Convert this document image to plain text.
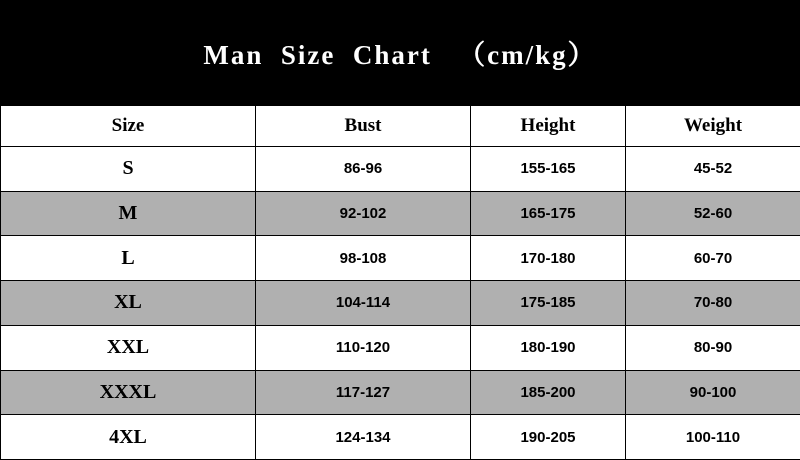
Man  Size  Chart   （cm/kg）
Size	Bust	Height	Weight
S	86-96	155-165	45-52
M	92-102	165-175	52-60
L	98-108	170-180	60-70
XL	104-114	175-185	70-80
XXL	110-120	180-190	80-90
XXXL	117-127	185-200	90-100
4XL	124-134	190-205	100-110
